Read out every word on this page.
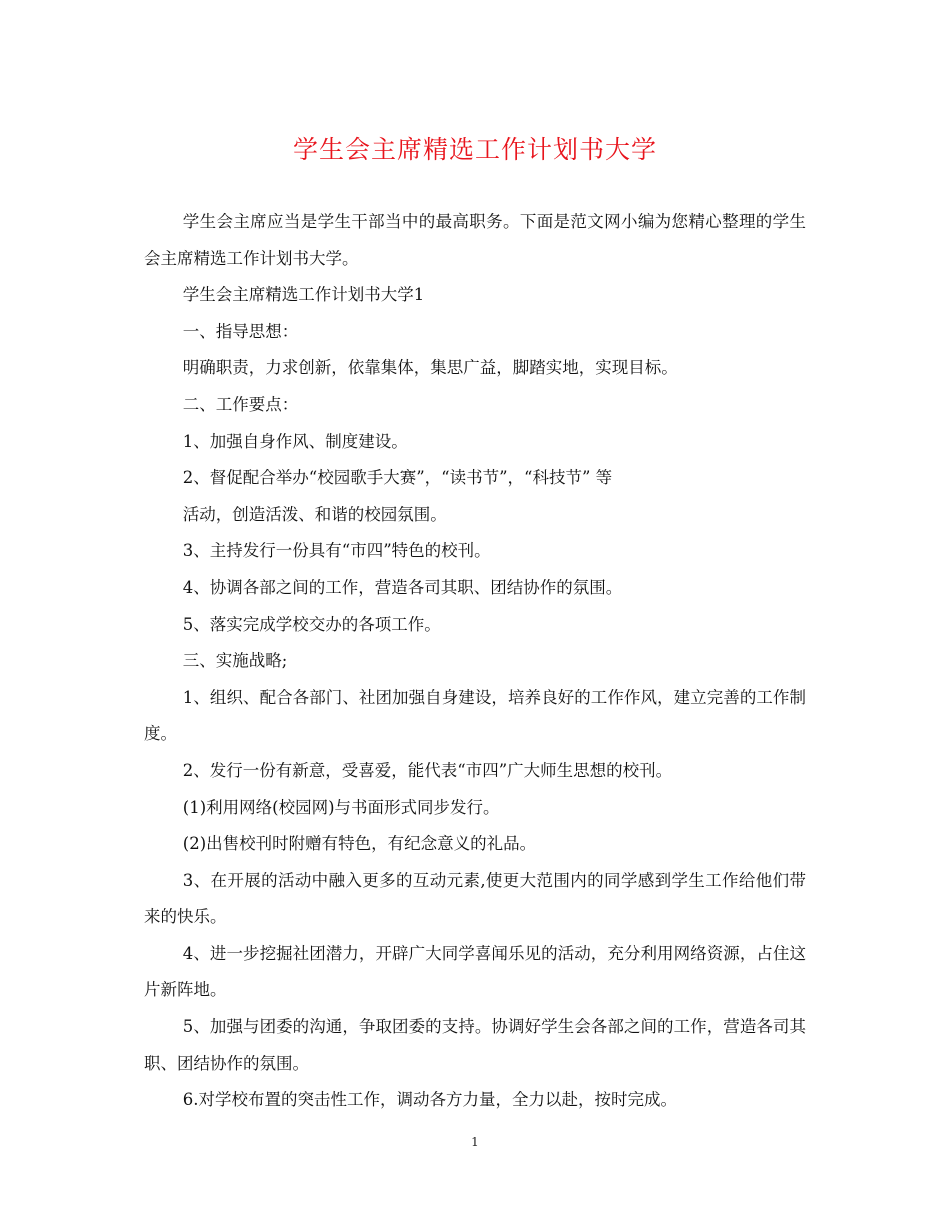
学生会主席精选工作计划书大学

学生会主席应当是学生干部当中的最高职务。下面是范文网小编为您精心整理的学生会主席精选工作计划书大学。

学生会主席精选工作计划书大学1

一、指导思想：

明确职责，力求创新，依靠集体，集思广益，脚踏实地，实现目标。

二、工作要点：

1、加强自身作风、制度建设。

2、督促配合举办“校园歌手大赛”，“读书节”，“科技节” 等

活动，创造活泼、和谐的校园氛围。

3、主持发行一份具有“市四”特色的校刊。

4、协调各部之间的工作，营造各司其职、团结协作的氛围。

5、落实完成学校交办的各项工作。

三、实施战略;

1、组织、配合各部门、社团加强自身建设，培养良好的工作作风，建立完善的工作制度。

2、发行一份有新意，受喜爱，能代表“市四”广大师生思想的校刊。

(1)利用网络(校园网)与书面形式同步发行。

(2)出售校刊时附赠有特色，有纪念意义的礼品。

3、在开展的活动中融入更多的互动元素,使更大范围内的同学感到学生工作给他们带来的快乐。

4、进一步挖掘社团潜力，开辟广大同学喜闻乐见的活动，充分利用网络资源，占住这片新阵地。

5、加强与团委的沟通，争取团委的支持。协调好学生会各部之间的工作，营造各司其职、团结协作的氛围。

6.对学校布置的突击性工作，调动各方力量，全力以赴，按时完成。

1
